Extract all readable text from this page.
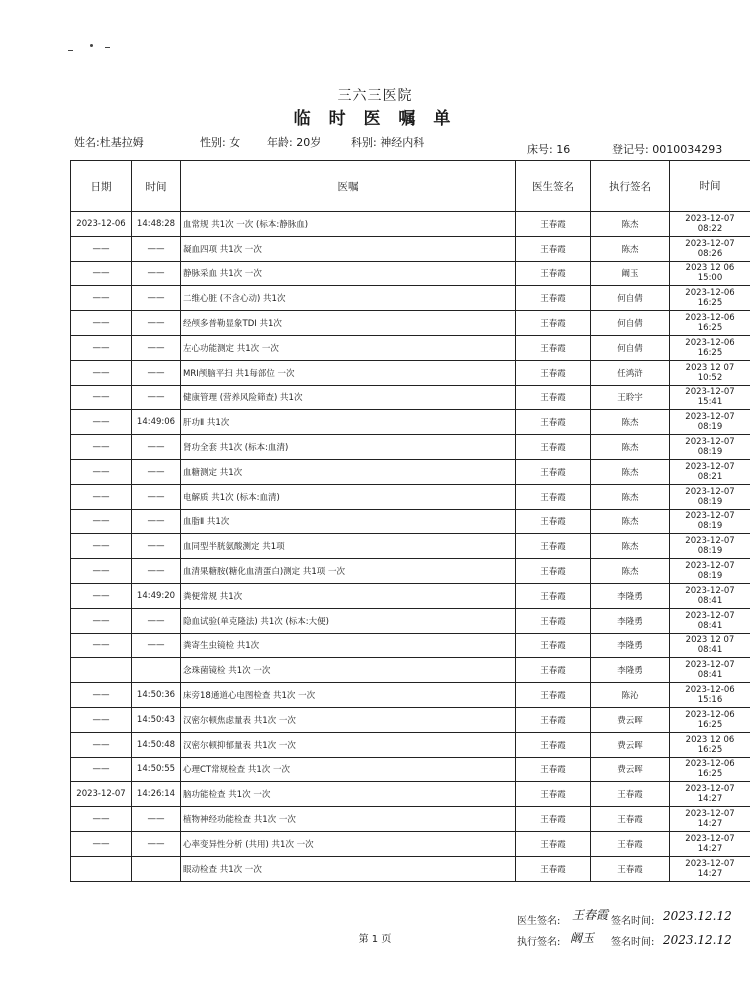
三六三医院
临 时 医 嘱 单
姓名:杜基拉姆	性别: 女 年龄: 20岁	科别: 神经内科
床号: 16	登记号: 0010034293
日期	时间	医嘱	医生签名	执行签名	时间
2023-12-06	14:48:28	血常规 共1次 一次 (标本:静脉血)	王春霞	陈杰	2023-12-07
08:22

——	——	凝血四项 共1次 一次	王春霞	陈杰	2023-12-07
08:26

——	——	静脉采血 共1次 一次	王春霞	阚玉	2023 12 06
15:00

——	——	二维心脏 (不含心动) 共1次	王春霞	何自倩	2023-12-06
16:25

——	——	经颅多普勒显象TDI 共1次	王春霞	何自倩	2023-12-06
16:25

——	——	左心功能测定 共1次 一次	王春霞	何自倩	2023-12-06
16:25

——	——	MRI颅脑平扫 共1每部位 一次	王春霞	任鸿浒	2023 12 07
10:52

——	——	健康管理 (营养风险筛查) 共1次	王春霞	王聆宇	2023-12-07
15:41

——	14:49:06	肝功Ⅱ 共1次	王春霞	陈杰	2023-12-07
08:19

——	——	肾功全套 共1次 (标本:血清)	王春霞	陈杰	2023-12-07
08:19

——	——	血糖测定 共1次	王春霞	陈杰	2023-12-07
08:21

——	——	电解质 共1次 (标本:血清)	王春霞	陈杰	2023-12-07
08:19

——	——	血脂Ⅱ 共1次	王春霞	陈杰	2023-12-07
08:19

——	——	血同型半胱氨酸测定 共1项	王春霞	陈杰	2023-12-07
08:19

——	——	血清果糖胺(糖化血清蛋白)测定 共1项 一次	王春霞	陈杰	2023-12-07
08:19

——	14:49:20	粪便常规 共1次	王春霞	李隆勇	2023-12-07
08:41

——	——	隐血试验(单克隆法) 共1次 (标本:大便)	王春霞	李隆勇	2023-12-07
08:41

——	——	粪寄生虫镜检 共1次	王春霞	李隆勇	2023 12 07
08:41

		念珠菌镜检 共1次 一次	王春霞	李隆勇	2023-12-07
08:41

——	14:50:36	床旁18通道心电图检查 共1次 一次	王春霞	陈沁	2023-12-06
15:16

——	14:50:43	汉密尔顿焦虑量表 共1次 一次	王春霞	费云晖	2023-12-06
16:25

——	14:50:48	汉密尔顿抑郁量表 共1次 一次	王春霞	费云晖	2023 12 06
16:25

——	14:50:55	心理CT常规检查 共1次 一次	王春霞	费云晖	2023-12-06
16:25

2023-12-07	14:26:14	脑功能检查 共1次 一次	王春霞	王春霞	2023-12-07
14:27

——	——	植物神经功能检查 共1次 一次	王春霞	王春霞	2023-12-07
14:27

——	——	心率变异性分析 (共用) 共1次 一次	王春霞	王春霞	2023-12-07
14:27

		眼动检查 共1次 一次	王春霞	王春霞	2023-12-07
14:27
医生签名: 王春霞 签名时间: 2023.12.12
执行签名: 阚玉 签名时间: 2023.12.12
第 1 页
